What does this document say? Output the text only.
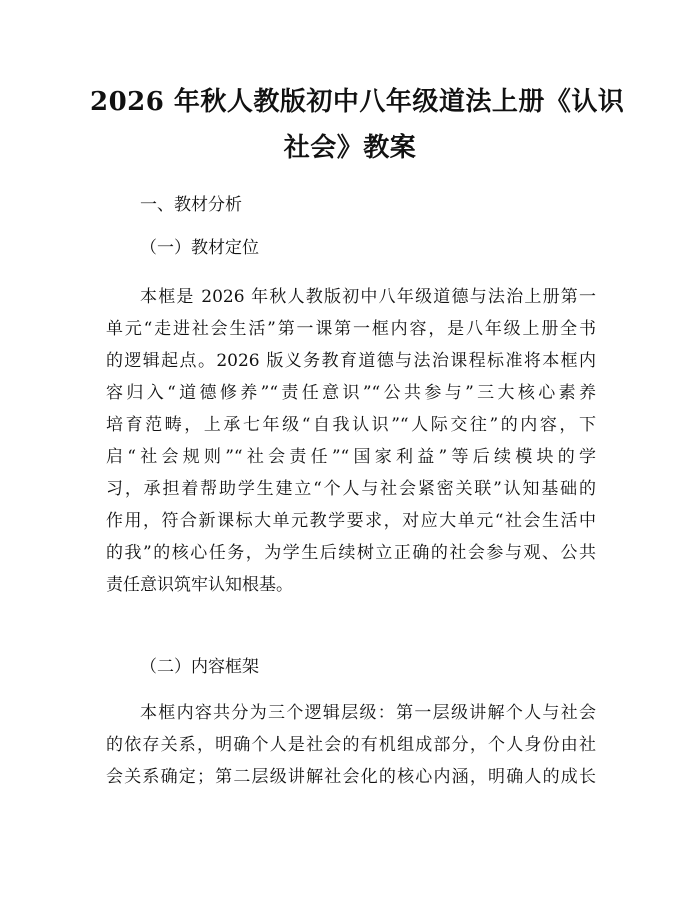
2026 年秋人教版初中八年级道法上册《认识
社会》教案
一、教材分析
（一）教材定位
本框是 2026 年秋人教版初中八年级道德与法治上册第一
单元“走进社会生活”第一课第一框内容，是八年级上册全书
的逻辑起点。2026 版义务教育道德与法治课程标准将本框内
容归入“道德修养”“责任意识”“公共参与”三大核心素养
培育范畴，上承七年级“自我认识”“人际交往”的内容，下
启“社会规则”“社会责任”“国家利益”等后续模块的学
习，承担着帮助学生建立“个人与社会紧密关联”认知基础的
作用，符合新课标大单元教学要求，对应大单元“社会生活中
的我”的核心任务，为学生后续树立正确的社会参与观、公共
责任意识筑牢认知根基。
（二）内容框架
本框内容共分为三个逻辑层级：第一层级讲解个人与社会
的依存关系，明确个人是社会的有机组成部分，个人身份由社
会关系确定；第二层级讲解社会化的核心内涵，明确人的成长
